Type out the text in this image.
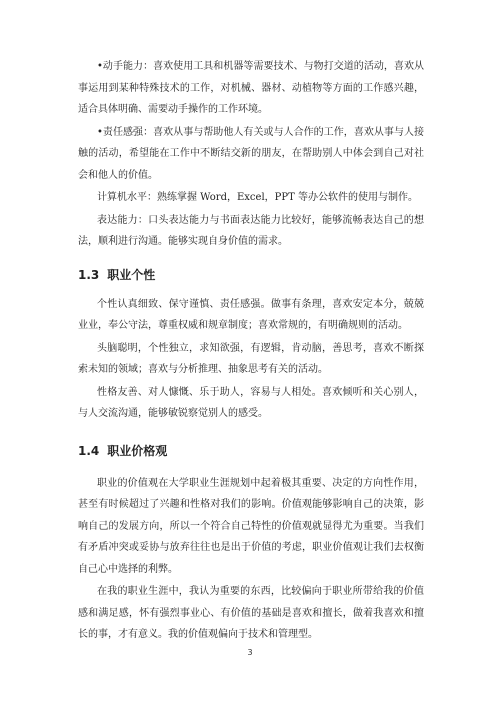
•动手能力：喜欢使用工具和机器等需要技术、与物打交道的活动，喜欢从事运用到某种特殊技术的工作，对机械、器材、动植物等方面的工作感兴趣，适合具体明确、需要动手操作的工作环境。

•责任感强：喜欢从事与帮助他人有关或与人合作的工作，喜欢从事与人接触的活动，希望能在工作中不断结交新的朋友，在帮助别人中体会到自己对社会和他人的价值。

计算机水平：熟练掌握 Word，Excel，PPT 等办公软件的使用与制作。

表达能力：口头表达能力与书面表达能力比较好，能够流畅表达自己的想法，顺利进行沟通。能够实现自身价值的需求。

1.3 职业个性

个性认真细致、保守谨慎、责任感强。做事有条理，喜欢安定本分，兢兢业业，奉公守法，尊重权威和规章制度；喜欢常规的，有明确规则的活动。

头脑聪明，个性独立，求知欲强，有逻辑，肯动脑，善思考，喜欢不断探索未知的领域；喜欢与分析推理、抽象思考有关的活动。

性格友善、对人慷慨、乐于助人，容易与人相处。喜欢倾听和关心别人，与人交流沟通，能够敏锐察觉别人的感受。

1.4 职业价格观

职业的价值观在大学职业生涯规划中起着极其重要、决定的方向性作用，甚至有时候超过了兴趣和性格对我们的影响。价值观能够影响自己的决策，影响自己的发展方向，所以一个符合自己特性的价值观就显得尤为重要。当我们有矛盾冲突或妥协与放弃往往也是出于价值的考虑，职业价值观让我们去权衡自己心中选择的利弊。

在我的职业生涯中，我认为重要的东西，比较偏向于职业所带给我的价值感和满足感，怀有强烈事业心、有价值的基础是喜欢和擅长，做着我喜欢和擅长的事，才有意义。我的价值观偏向于技术和管理型。

3
